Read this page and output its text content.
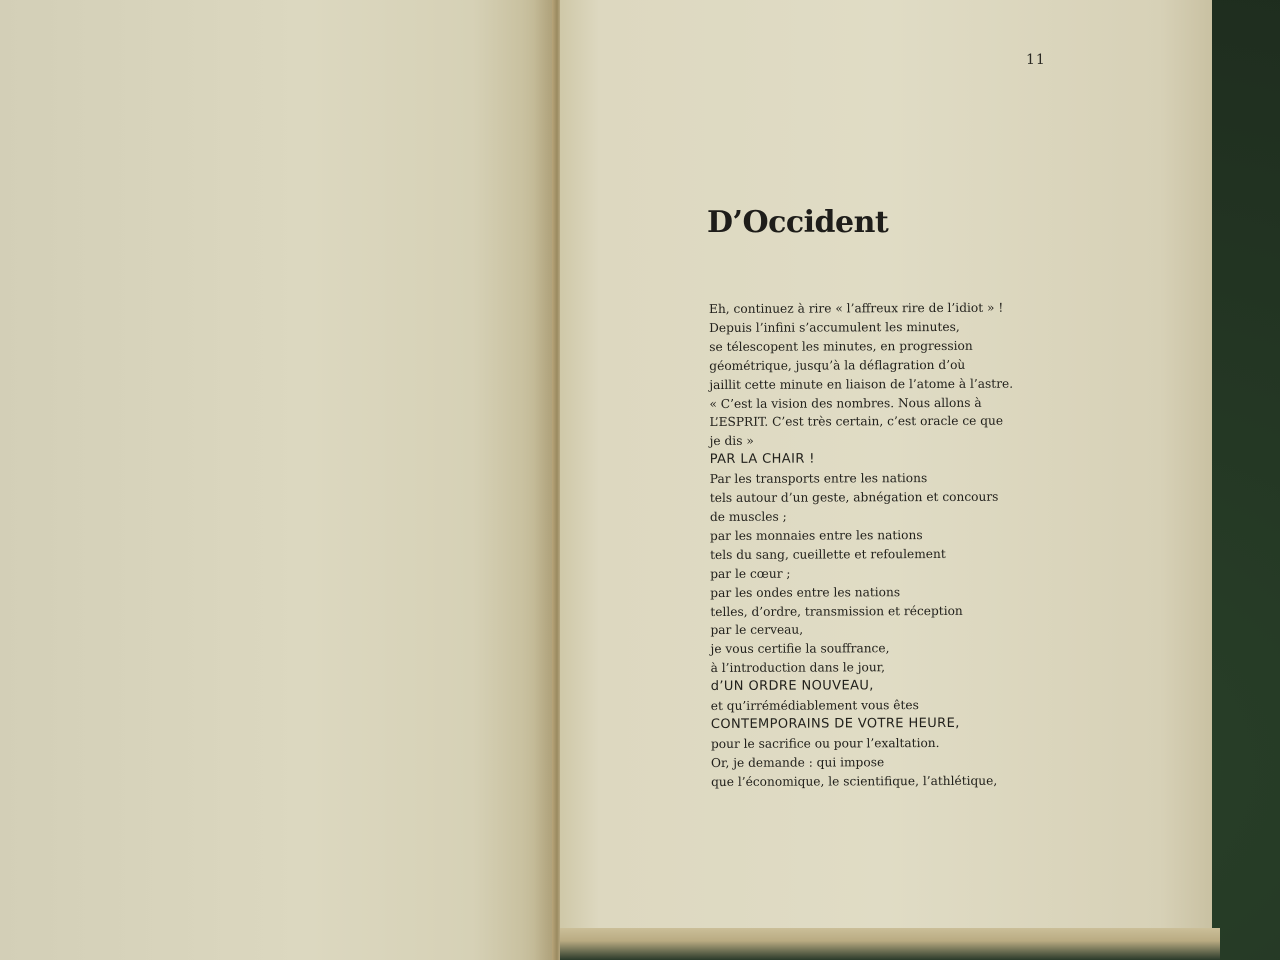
11
D’Occident
Eh, continuez à rire « l’affreux rire de l’idiot » !
Depuis l’infini s’accumulent les minutes,
se télescopent les minutes, en progression
géométrique, jusqu’à la déflagration d’où
jaillit cette minute en liaison de l’atome à l’astre.
« C’est la vision des nombres. Nous allons à
L’ESPRIT. C’est très certain, c’est oracle ce que
je dis »
PAR LA CHAIR !
Par les transports entre les nations
tels autour d’un geste, abnégation et concours
de muscles ;
par les monnaies entre les nations
tels du sang, cueillette et refoulement
par le cœur ;
par les ondes entre les nations
telles, d’ordre, transmission et réception
par le cerveau,
je vous certifie la souffrance,
à l’introduction dans le jour,
d’UN ORDRE NOUVEAU,
et qu’irrémédiablement vous êtes
CONTEMPORAINS DE VOTRE HEURE,
pour le sacrifice ou pour l’exaltation.
Or, je demande : qui impose
que l’économique, le scientifique, l’athlétique,
